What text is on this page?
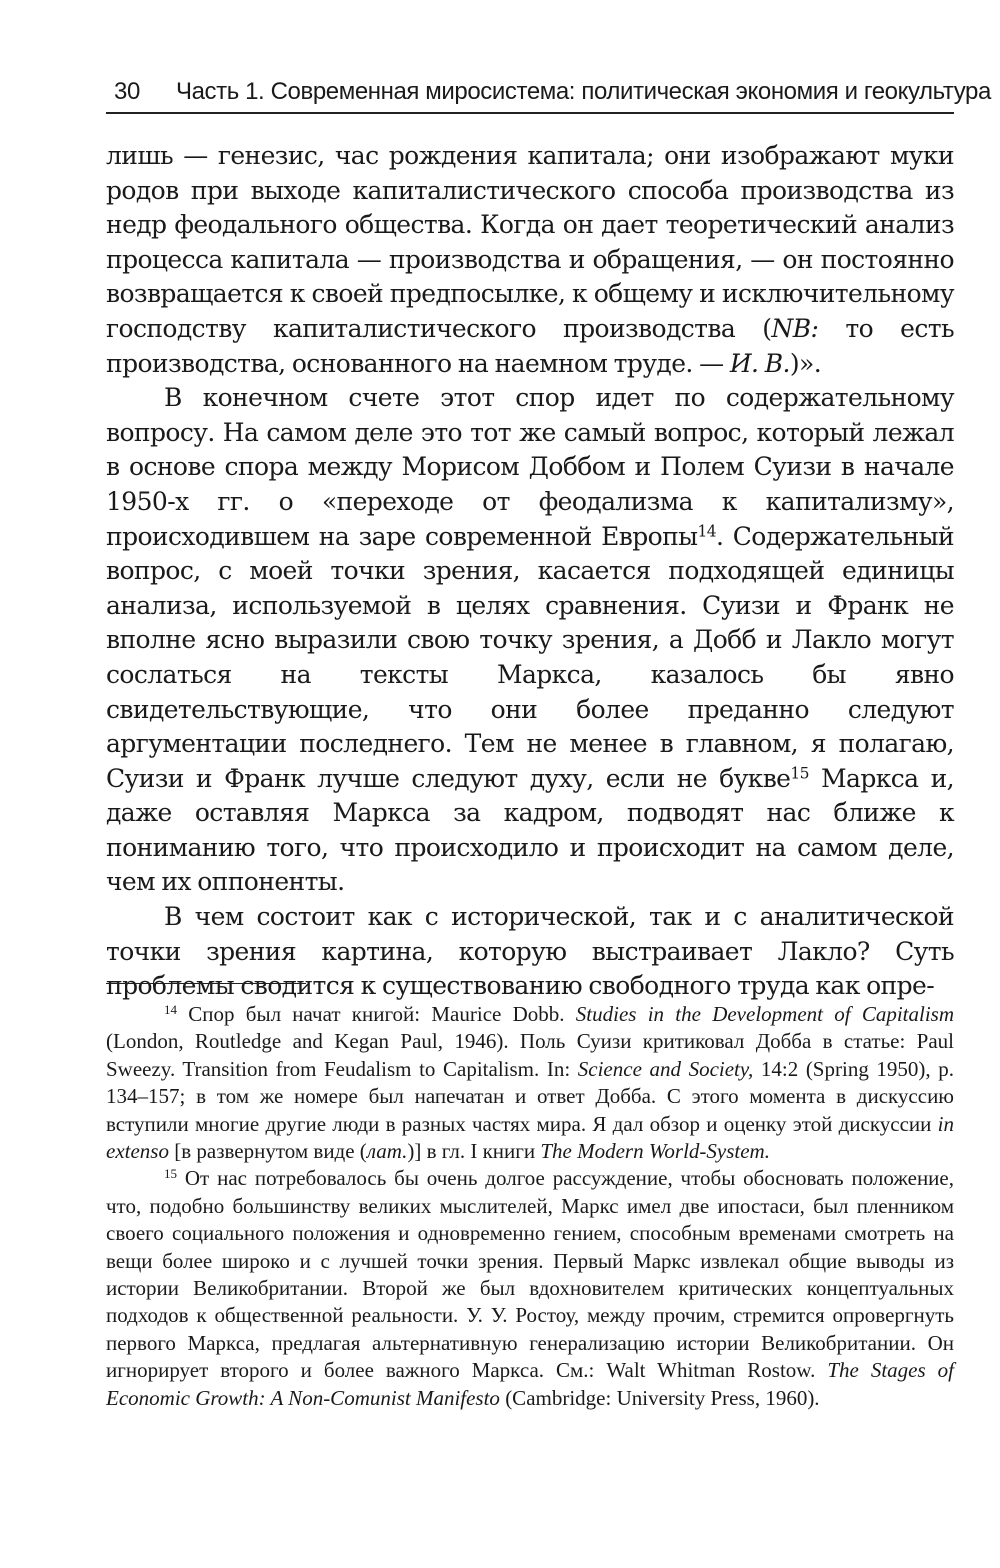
30 Часть 1. Современная миросистема: политическая экономия и геокультура

лишь — генезис, час рождения капитала; они изображают муки родов при выходе капиталистического способа производства из недр феодального общества. Когда он дает теоретический анализ процесса капитала — производства и обращения, — он постоянно возвращается к своей предпосылке, к общему и исключительному господству капиталистического производства (NB: то есть производства, основанного на наемном труде. — И. В.)».

В конечном счете этот спор идет по содержательному вопросу. На самом деле это тот же самый вопрос, который лежал в основе спора между Морисом Доббом и Полем Суизи в начале 1950-х гг. о «переходе от феодализма к капитализму», происходившем на заре современной Европы$^{14}$. Содержательный вопрос, с моей точки зрения, касается подходящей единицы анализа, используемой в целях сравнения. Суизи и Франк не вполне ясно выразили свою точку зрения, а Добб и Лакло могут сослаться на тексты Маркса, казалось бы явно свидетельствующие, что они более преданно следуют аргументации последнего. Тем не менее в главном, я полагаю, Суизи и Франк лучше следуют духу, если не букве$^{15}$ Маркса и, даже оставляя Маркса за кадром, подводят нас ближе к пониманию того, что происходило и происходит на самом деле, чем их оппоненты.

В чем состоит как с исторической, так и с аналитической точки зрения картина, которую выстраивает Лакло? Суть проблемы сводится к существованию свободного труда как опре-

$^{14}$ Спор был начат книгой: Maurice Dobb. Studies in the Development of Capitalism (London, Routledge and Kegan Paul, 1946). Поль Суизи критиковал Добба в статье: Paul Sweezy. Transition from Feudalism to Capitalism. In: Science and Society, 14:2 (Spring 1950), p. 134–157; в том же номере был напечатан и ответ Добба. С этого момента в дискуссию вступили многие другие люди в разных частях мира. Я дал обзор и оценку этой дискуссии in extenso [в развернутом виде (лат.)] в гл. I книги The Modern World-System.

$^{15}$ От нас потребовалось бы очень долгое рассуждение, чтобы обосновать положение, что, подобно большинству великих мыслителей, Маркс имел две ипостаси, был пленником своего социального положения и одновременно гением, способным временами смотреть на вещи более широко и с лучшей точки зрения. Первый Маркс извлекал общие выводы из истории Великобритании. Второй же был вдохновителем критических концептуальных подходов к общественной реальности. У. У. Ростоу, между прочим, стремится опровергнуть первого Маркса, предлагая альтернативную генерализацию истории Великобритании. Он игнорирует второго и более важного Маркса. См.: Walt Whitman Rostow. The Stages of Economic Growth: A Non-Comunist Manifesto (Cambridge: University Press, 1960).
